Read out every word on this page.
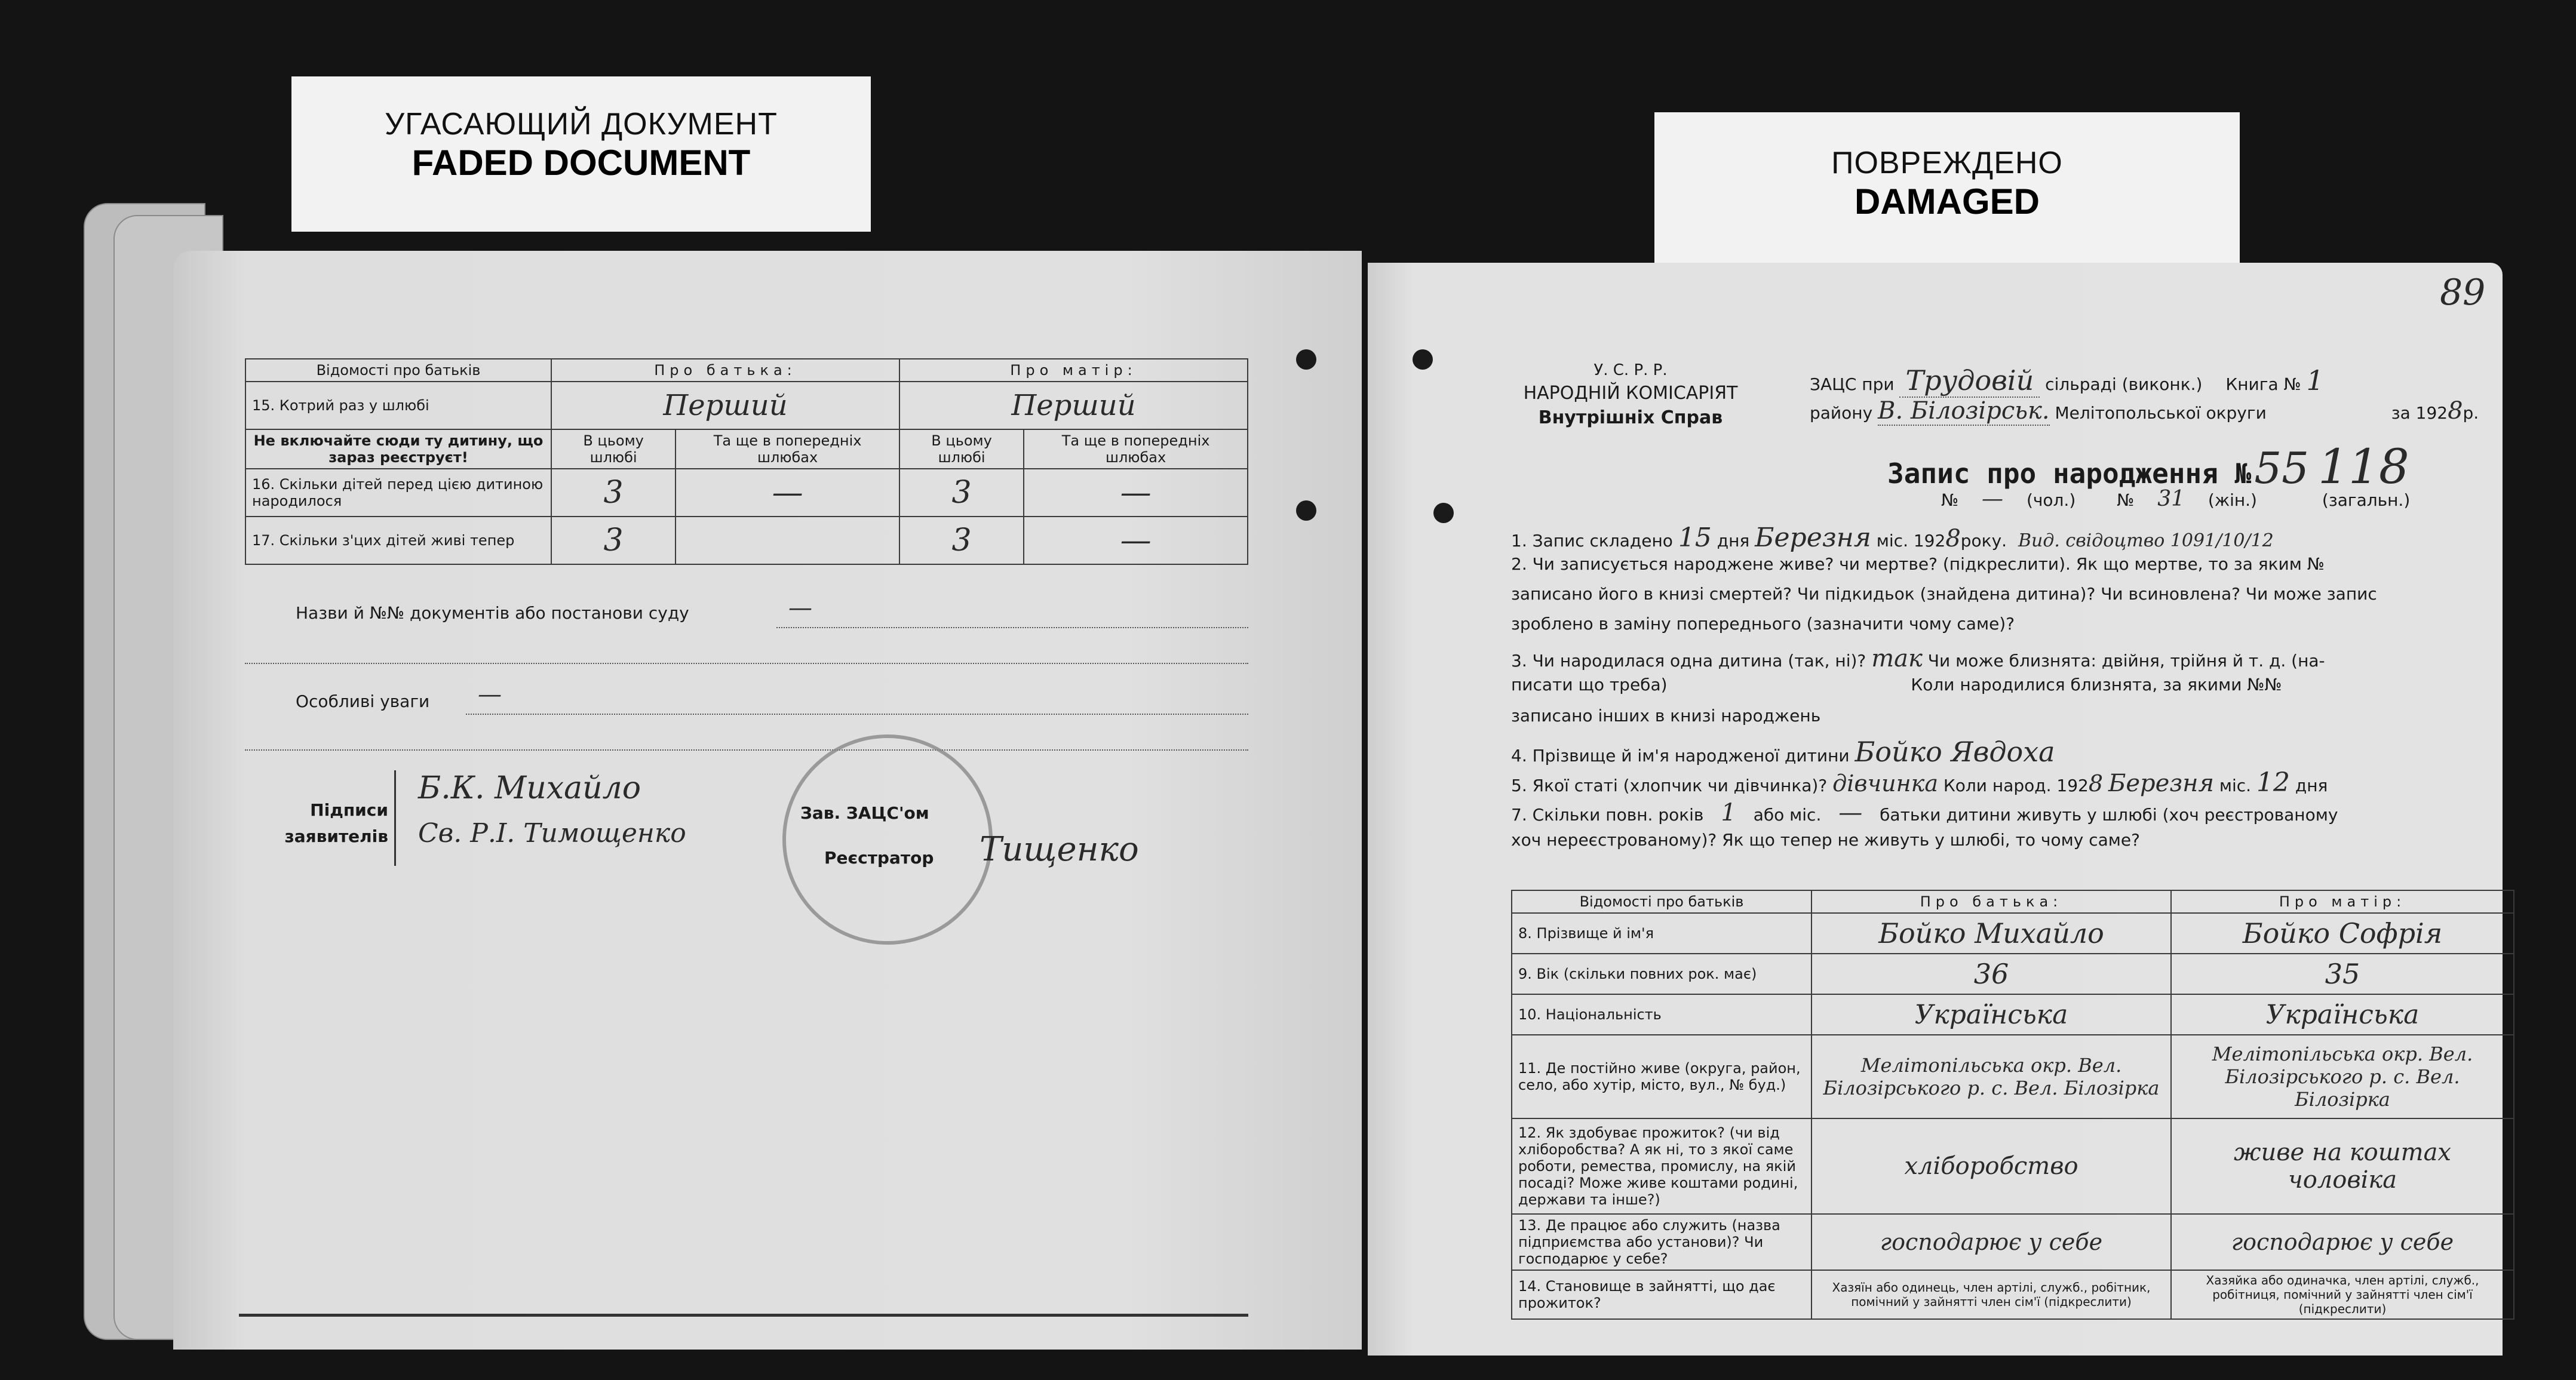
УГАСАЮЩИЙ ДОКУМЕНТ
FADED DOCUMENT	ПОВРЕЖДЕНО
DAMAGED
Відомості про батьків	Про батька:		Про матір:	
15. Котрий раз у шлюбі	Перший		Перший	
Не включайте сюди ту дитину, що зараз реєструєт!	В цьому шлюбі	Та ще в попередніх шлюбах	В цьому шлюбі	Та ще в попередніх шлюбах
16. Скільки дітей перед цією дитиною народилося	3	—	3	—
17. Скільки з'цих дітей живі тепер	3		3	—
Назви й №№ документів або постанови суду	—
Особливі уваги —
Підписи заявителів
Б.К. Михайло
Св. Р.І. Тимощенко
Зав. ЗАЦС'ом
Реєстратор Тищенко
89
У. С. Р. Р.
НАРОДНІЙ КОМІСАРІЯТ
Внутрішніх Справ
ЗАЦС при Трудовій сільраді (виконк.) Книга № 1
району В. Білозірськ. Мелітопольської округи	за 1928р.
Запис про народження № 55 118
№ — (чол.) № 31 (жін.)	(загальн.)
1. Запис складено 15 дня Березня міс. 1928року. Вид. свідоцтво 1091/10/12
2. Чи записується народжене живе? чи мертве? (підкреслити). Як що мертве, то за яким №
записано його в книзі смертей? Чи підкидьок (знайдена дитина)? Чи всиновлена? Чи може запис
зроблено в заміну попереднього (зазначити чому саме)?
3. Чи народилася одна дитина (так, ні)? так Чи може близнята: двійня, трійня й т. д. (на-
писати що треба)	Коли народилися близнята, за якими №№
записано інших в книзі народжень
4. Прізвище й ім'я народженої дитини Бойко Явдоха
5. Якої статі (хлопчик чи дівчинка)? дівчинка Коли народ. 1928 Березня міс. 12 дня
7. Скільки повн. років 1 або міс. — батьки дитини живуть у шлюбі (хоч реєстрованому
хоч нереєстрованому)? Як що тепер не живуть у шлюбі, то чому саме?
Відомості про батьків	Про батька:	Про матір:
8. Прізвище й ім'я	Бойко Михайло	Бойко Софрія
9. Вік (скільки повних рок. має)	36	35
10. Національність	Українська	Українська
11. Де постійно живе (округа, район, село, або хутір, місто, вул., № буд.)	Мелітопільська окр. Вел. Білозірського р. с. Вел. Білозірка	Мелітопільська окр. Вел. Білозірського р. с. Вел. Білозірка
12. Як здобуває прожиток? (чи від хліборобства? А як ні, то з якої саме роботи, ремества, промислу, на якій посаді? Може живе коштами родині, держави та інше?)	хліборобство	живе на коштах чоловіка
13. Де працює або служить (назва підприємства або установи)? Чи господарює у себе?	господарює у себе	господарює у себе
14. Становище в зайнятті, що дає прожиток?	Хазяїн або одинець, член артілі, служб., робітник, помічний у зайнятті член сім'ї (підкреслити)	Хазяйка або одиначка, член артілі, служб., робітниця, помічний у зайнятті член сім'ї (підкреслити)
